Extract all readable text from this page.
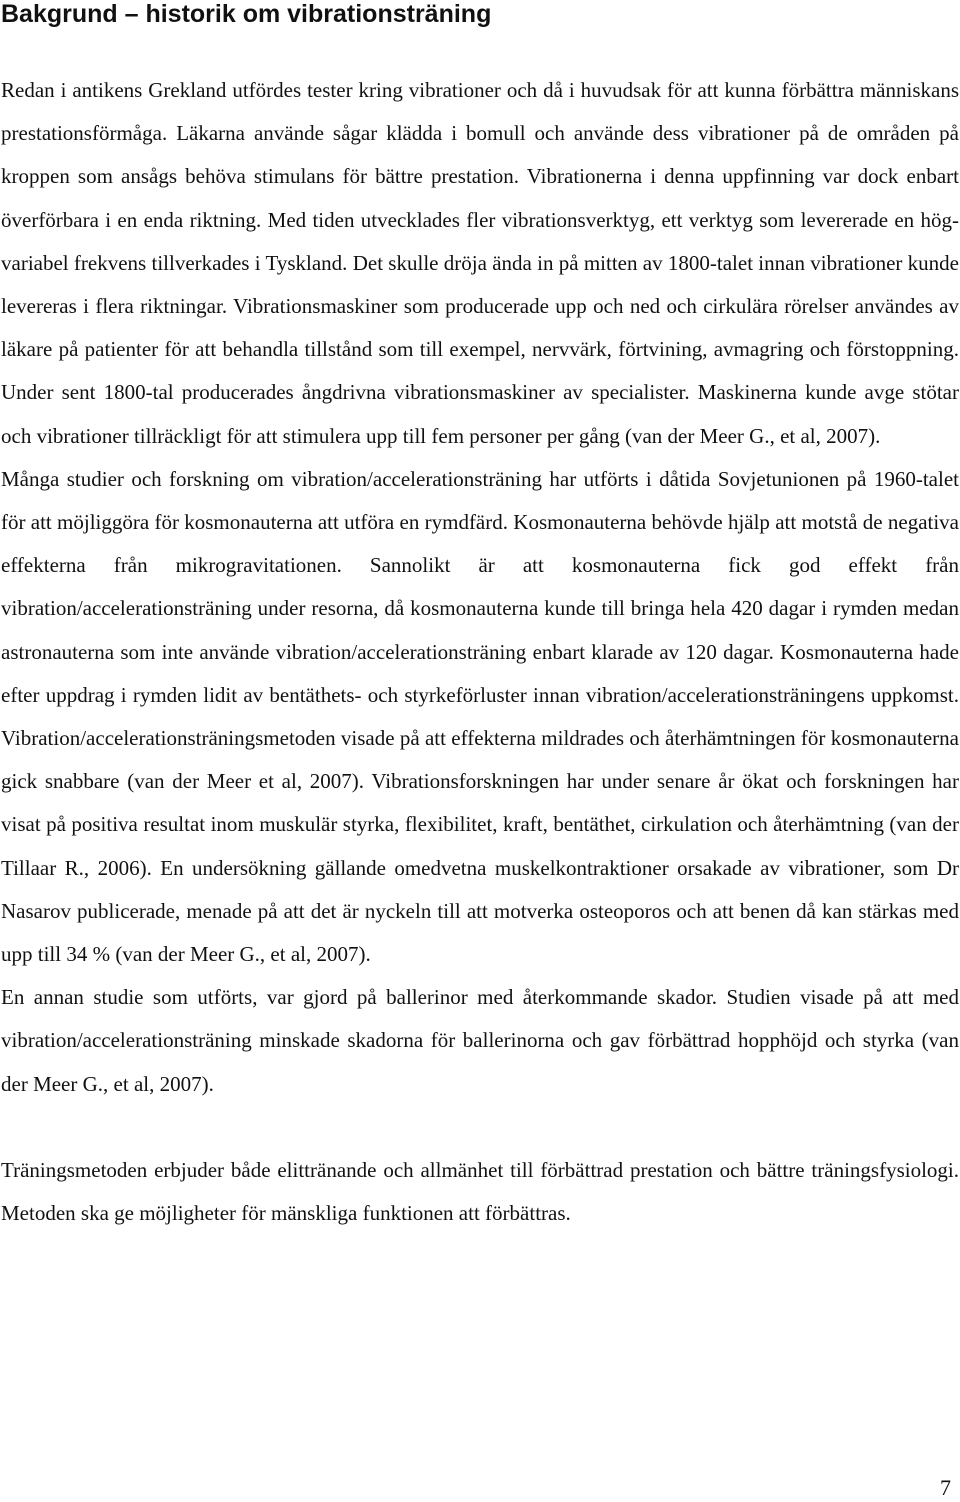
Bakgrund – historik om vibrationsträning

Redan i antikens Grekland utfördes tester kring vibrationer och då i huvudsak för att kunna förbättra människans prestationsförmåga. Läkarna använde sågar klädda i bomull och använde dess vibrationer på de områden på kroppen som ansågs behöva stimulans för bättre prestation. Vibrationerna i denna uppfinning var dock enbart överförbara i en enda riktning. Med tiden utvecklades fler vibrationsverktyg, ett verktyg som levererade en hög-variabel frekvens tillverkades i Tyskland. Det skulle dröja ända in på mitten av 1800-talet innan vibrationer kunde levereras i flera riktningar. Vibrationsmaskiner som producerade upp och ned och cirkulära rörelser användes av läkare på patienter för att behandla tillstånd som till exempel, nervvärk, förtvining, avmagring och förstoppning. Under sent 1800-tal producerades ångdrivna vibrationsmaskiner av specialister. Maskinerna kunde avge stötar och vibrationer tillräckligt för att stimulera upp till fem personer per gång (van der Meer G., et al, 2007).

Många studier och forskning om vibration/accelerationsträning har utförts i dåtida Sovjetunionen på 1960-talet för att möjliggöra för kosmonauterna att utföra en rymdfärd. Kosmonauterna behövde hjälp att motstå de negativa effekterna från mikrogravitationen. Sannolikt är att kosmonauterna fick god effekt från vibration/accelerationsträning under resorna, då kosmonauterna kunde till bringa hela 420 dagar i rymden medan astronauterna som inte använde vibration/accelerationsträning enbart klarade av 120 dagar. Kosmonauterna hade efter uppdrag i rymden lidit av bentäthets- och styrkeförluster innan vibration/accelerationsträningens uppkomst. Vibration/accelerationsträningsmetoden visade på att effekterna mildrades och återhämtningen för kosmonauterna gick snabbare (van der Meer et al, 2007). Vibrationsforskningen har under senare år ökat och forskningen har visat på positiva resultat inom muskulär styrka, flexibilitet, kraft, bentäthet, cirkulation och återhämtning (van der Tillaar R., 2006). En undersökning gällande omedvetna muskelkontraktioner orsakade av vibrationer, som Dr Nasarov publicerade, menade på att det är nyckeln till att motverka osteoporos och att benen då kan stärkas med upp till 34 % (van der Meer G., et al, 2007).

En annan studie som utförts, var gjord på ballerinor med återkommande skador. Studien visade på att med vibration/accelerationsträning minskade skadorna för ballerinorna och gav förbättrad hopphöjd och styrka (van der Meer G., et al, 2007).

Träningsmetoden erbjuder både elittränande och allmänhet till förbättrad prestation och bättre träningsfysiologi. Metoden ska ge möjligheter för mänskliga funktionen att förbättras.

7
